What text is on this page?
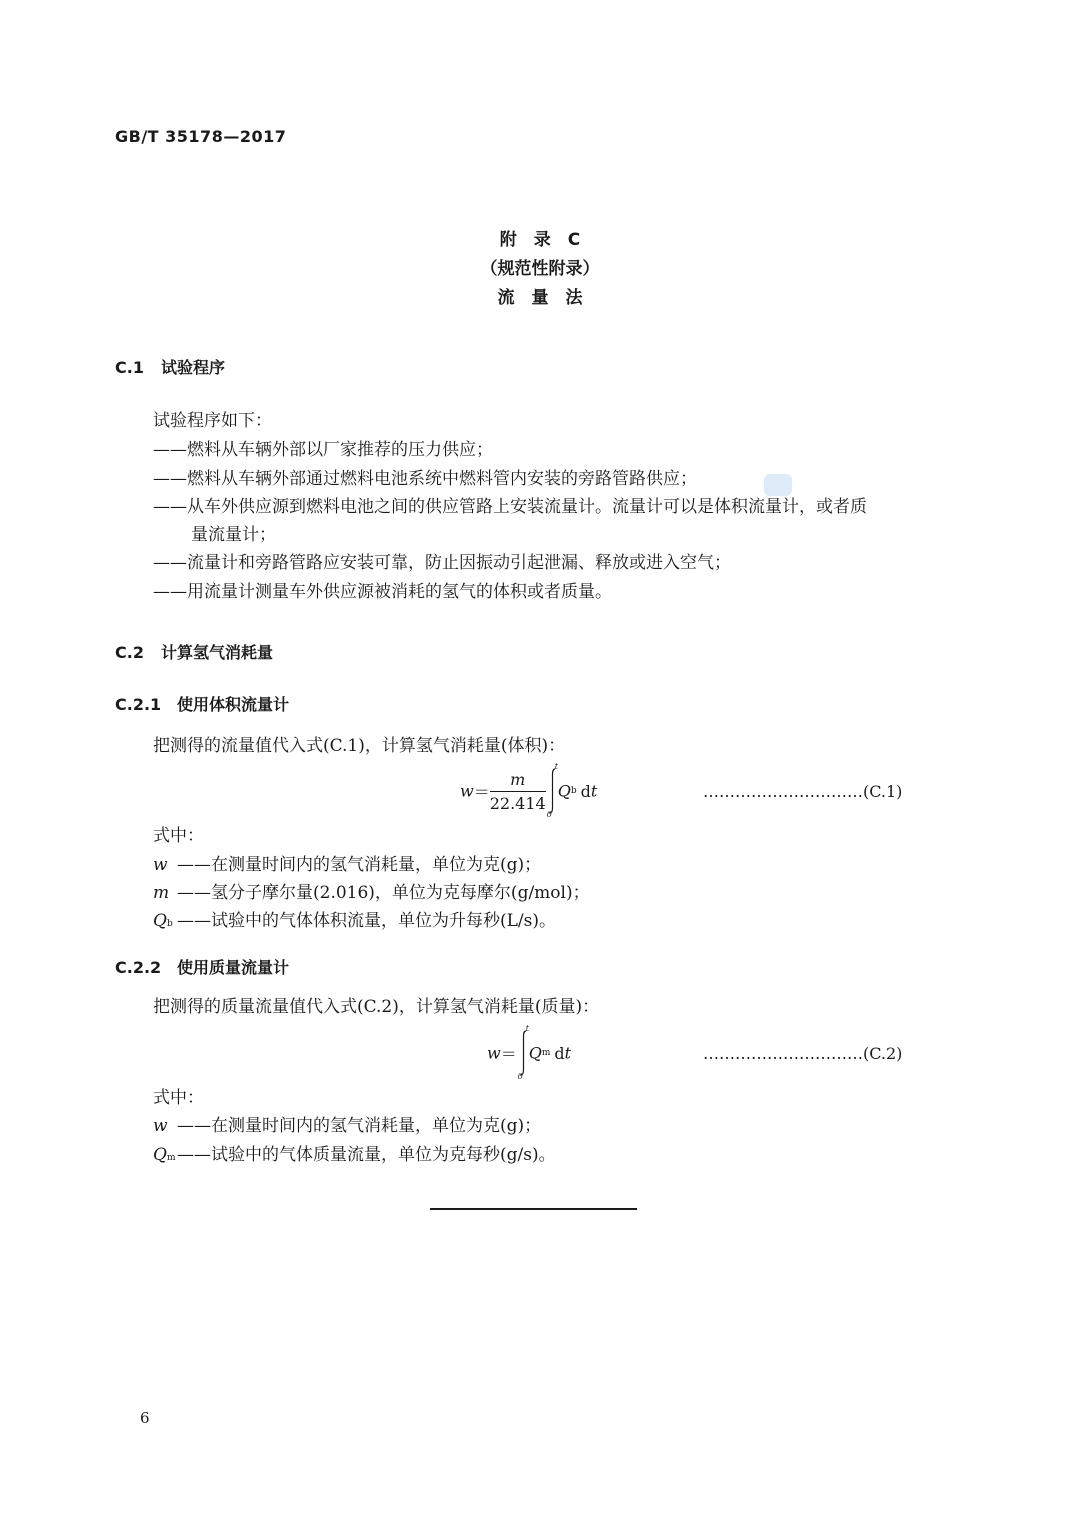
GB/T 35178—2017
附　录　C
（规范性附录）
流　量　法
C.1 试验程序
试验程序如下：
——燃料从车辆外部以厂家推荐的压力供应；
——燃料从车辆外部通过燃料电池系统中燃料管内安装的旁路管路供应；
——从车外供应源到燃料电池之间的供应管路上安装流量计。流量计可以是体积流量计，或者质
量流量计；
——流量计和旁路管路应安装可靠，防止因振动引起泄漏、释放或进入空气；
——用流量计测量车外供应源被消耗的氢气的体积或者质量。
C.2 计算氢气消耗量
C.2.1 使用体积流量计
把测得的流量值代入式(C.1)，计算氢气消耗量(体积)：
$w= \frac{m}{22.414}$
t
0
Qb dt	…………………………(C.1)
式中：
w ——在测量时间内的氢气消耗量，单位为克(g)；
m ——氢分子摩尔量(2.016)，单位为克每摩尔(g/mol)；
Qb ——试验中的气体体积流量，单位为升每秒(L/s)。
C.2.2 使用质量流量计
把测得的质量流量值代入式(C.2)，计算氢气消耗量(质量)：
w＝
t
0
Qm dt	…………………………(C.2)
式中：
w ——在测量时间内的氢气消耗量，单位为克(g)；
Qm——试验中的气体质量流量，单位为克每秒(g/s)。
6
